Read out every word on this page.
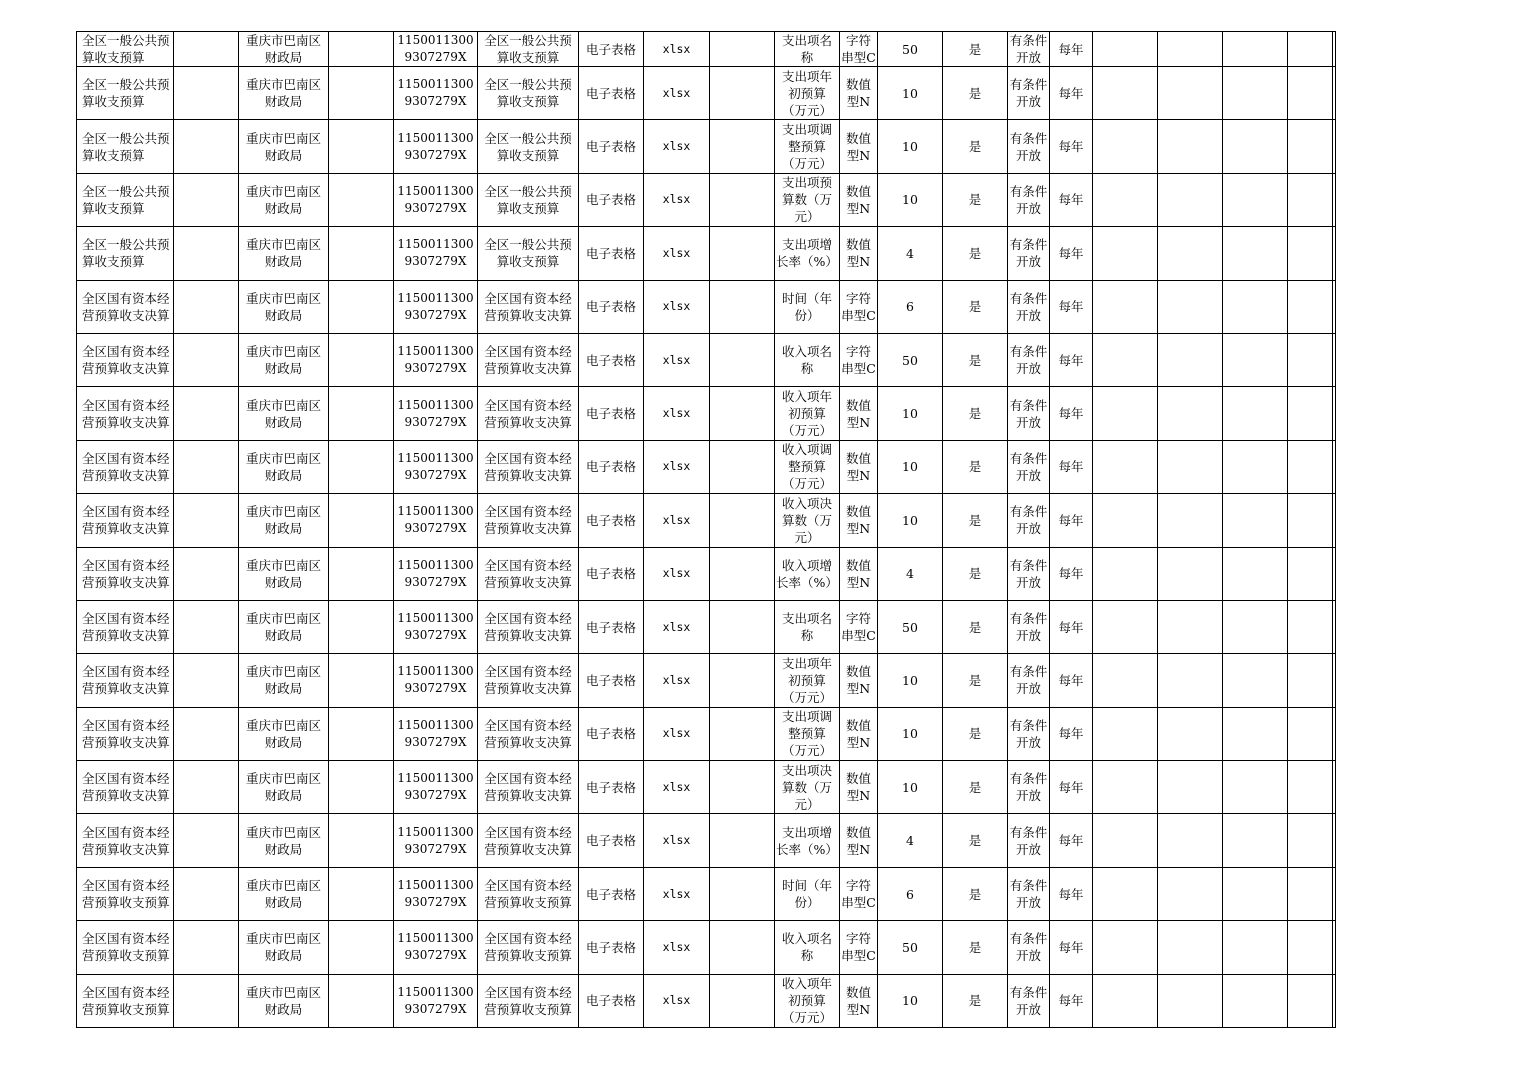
全区一般公共预算收支预算		重庆市巴南区财政局		11500113009307279X	全区一般公共预算收支预算	电子表格	xlsx		支出项名称	字符串型C	50	是	有条件开放	每年					
全区一般公共预算收支预算		重庆市巴南区财政局		11500113009307279X	全区一般公共预算收支预算	电子表格	xlsx		支出项年初预算（万元）	数值型N	10	是	有条件开放	每年					
全区一般公共预算收支预算		重庆市巴南区财政局		11500113009307279X	全区一般公共预算收支预算	电子表格	xlsx		支出项调整预算（万元）	数值型N	10	是	有条件开放	每年					
全区一般公共预算收支预算		重庆市巴南区财政局		11500113009307279X	全区一般公共预算收支预算	电子表格	xlsx		支出项预算数（万元）	数值型N	10	是	有条件开放	每年					
全区一般公共预算收支预算		重庆市巴南区财政局		11500113009307279X	全区一般公共预算收支预算	电子表格	xlsx		支出项增长率（%）	数值型N	4	是	有条件开放	每年					
全区国有资本经营预算收支决算		重庆市巴南区财政局		11500113009307279X	全区国有资本经营预算收支决算	电子表格	xlsx		时间（年份）	字符串型C	6	是	有条件开放	每年					
全区国有资本经营预算收支决算		重庆市巴南区财政局		11500113009307279X	全区国有资本经营预算收支决算	电子表格	xlsx		收入项名称	字符串型C	50	是	有条件开放	每年					
全区国有资本经营预算收支决算		重庆市巴南区财政局		11500113009307279X	全区国有资本经营预算收支决算	电子表格	xlsx		收入项年初预算（万元）	数值型N	10	是	有条件开放	每年					
全区国有资本经营预算收支决算		重庆市巴南区财政局		11500113009307279X	全区国有资本经营预算收支决算	电子表格	xlsx		收入项调整预算（万元）	数值型N	10	是	有条件开放	每年					
全区国有资本经营预算收支决算		重庆市巴南区财政局		11500113009307279X	全区国有资本经营预算收支决算	电子表格	xlsx		收入项决算数（万元）	数值型N	10	是	有条件开放	每年					
全区国有资本经营预算收支决算		重庆市巴南区财政局		11500113009307279X	全区国有资本经营预算收支决算	电子表格	xlsx		收入项增长率（%）	数值型N	4	是	有条件开放	每年					
全区国有资本经营预算收支决算		重庆市巴南区财政局		11500113009307279X	全区国有资本经营预算收支决算	电子表格	xlsx		支出项名称	字符串型C	50	是	有条件开放	每年					
全区国有资本经营预算收支决算		重庆市巴南区财政局		11500113009307279X	全区国有资本经营预算收支决算	电子表格	xlsx		支出项年初预算（万元）	数值型N	10	是	有条件开放	每年					
全区国有资本经营预算收支决算		重庆市巴南区财政局		11500113009307279X	全区国有资本经营预算收支决算	电子表格	xlsx		支出项调整预算（万元）	数值型N	10	是	有条件开放	每年					
全区国有资本经营预算收支决算		重庆市巴南区财政局		11500113009307279X	全区国有资本经营预算收支决算	电子表格	xlsx		支出项决算数（万元）	数值型N	10	是	有条件开放	每年					
全区国有资本经营预算收支决算		重庆市巴南区财政局		11500113009307279X	全区国有资本经营预算收支决算	电子表格	xlsx		支出项增长率（%）	数值型N	4	是	有条件开放	每年					
全区国有资本经营预算收支预算		重庆市巴南区财政局		11500113009307279X	全区国有资本经营预算收支预算	电子表格	xlsx		时间（年份）	字符串型C	6	是	有条件开放	每年					
全区国有资本经营预算收支预算		重庆市巴南区财政局		11500113009307279X	全区国有资本经营预算收支预算	电子表格	xlsx		收入项名称	字符串型C	50	是	有条件开放	每年					
全区国有资本经营预算收支预算		重庆市巴南区财政局		11500113009307279X	全区国有资本经营预算收支预算	电子表格	xlsx		收入项年初预算（万元）	数值型N	10	是	有条件开放	每年					
